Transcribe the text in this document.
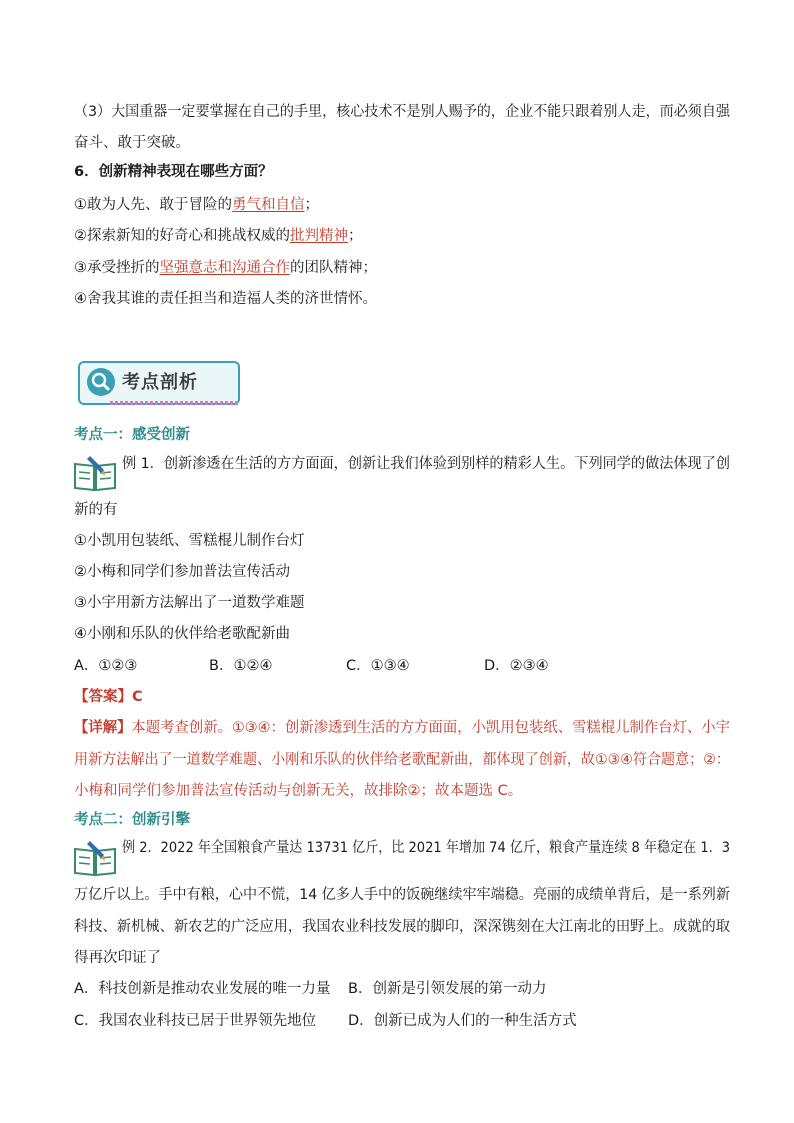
（3）大国重器一定要掌握在自己的手里，核心技术不是别人赐予的，企业不能只跟着别人走，而必须自强
奋斗、敢于突破。
6．创新精神表现在哪些方面？
①敢为人先、敢于冒险的勇气和自信；
②探索新知的好奇心和挑战权威的批判精神；
③承受挫折的坚强意志和沟通合作的团队精神；
④舍我其谁的责任担当和造福人类的济世情怀。
考点剖析
考点一：感受创新
例 1．创新渗透在生活的方方面面，创新让我们体验到别样的精彩人生。下列同学的做法体现了创
新的有
①小凯用包装纸、雪糕棍儿制作台灯
②小梅和同学们参加普法宣传活动
③小宇用新方法解出了一道数学难题
④小刚和乐队的伙伴给老歌配新曲
A．①②③	B．①②④	C．①③④	D．②③④
【答案】C
【详解】本题考查创新。①③④：创新渗透到生活的方方面面，小凯用包装纸、雪糕棍儿制作台灯、小宇
用新方法解出了一道数学难题、小刚和乐队的伙伴给老歌配新曲，都体现了创新，故①③④符合题意；②：
小梅和同学们参加普法宣传活动与创新无关，故排除②；故本题选 C。
考点二：创新引擎
例 2．2022 年全国粮食产量达 13731 亿斤，比 2021 年增加 74 亿斤，粮食产量连续 8 年稳定在 1．3
万亿斤以上。手中有粮，心中不慌，14 亿多人手中的饭碗继续牢牢端稳。亮丽的成绩单背后，是一系列新
科技、新机械、新农艺的广泛应用，我国农业科技发展的脚印，深深镌刻在大江南北的田野上。成就的取
得再次印证了
A．科技创新是推动农业发展的唯一力量 B．创新是引领发展的第一动力
C．我国农业科技已居于世界领先地位 D．创新已成为人们的一种生活方式
